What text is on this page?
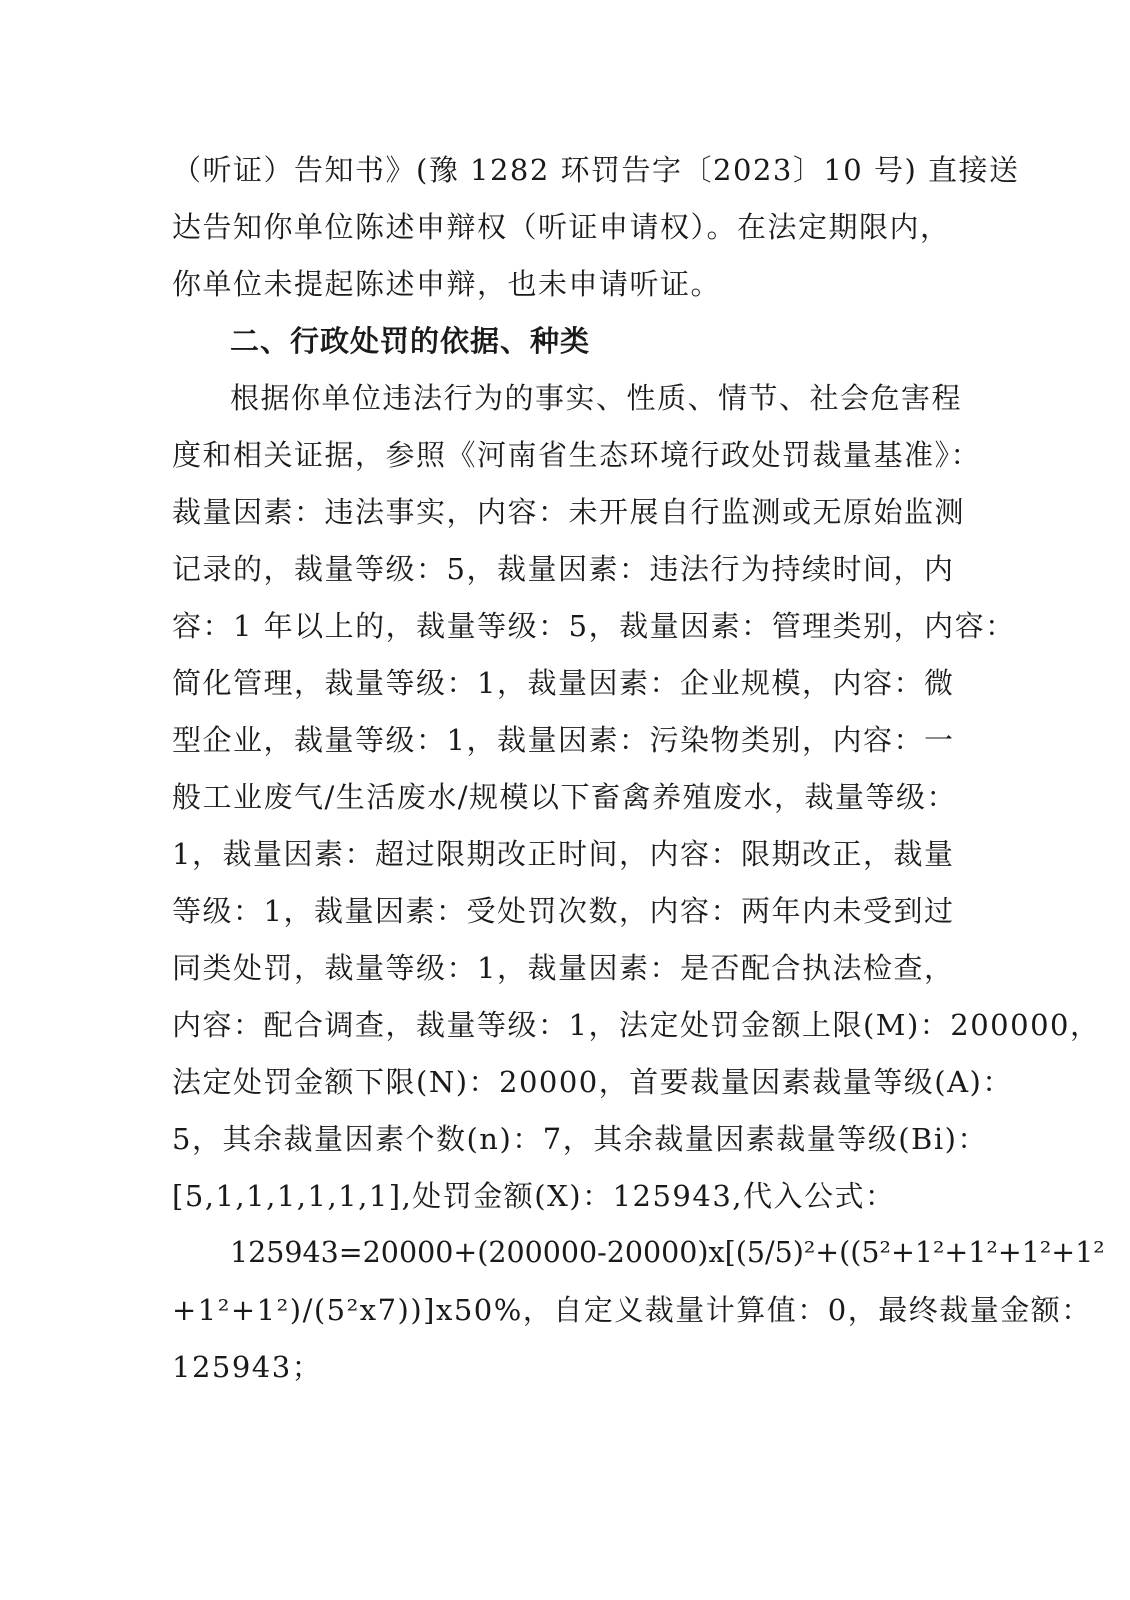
（听证）告知书》(豫 1282 环罚告字〔2023〕10 号) 直接送
达告知你单位陈述申辩权（听证申请权）。在法定期限内，
你单位未提起陈述申辩，也未申请听证。
二、行政处罚的依据、种类
根据你单位违法行为的事实、性质、情节、社会危害程
度和相关证据，参照《河南省生态环境行政处罚裁量基准》：
裁量因素：违法事实，内容：未开展自行监测或无原始监测
记录的，裁量等级：5，裁量因素：违法行为持续时间，内
容：1 年以上的，裁量等级：5，裁量因素：管理类别，内容：
简化管理，裁量等级：1，裁量因素：企业规模，内容：微
型企业，裁量等级：1，裁量因素：污染物类别，内容：一
般工业废气/生活废水/规模以下畜禽养殖废水，裁量等级：
1，裁量因素：超过限期改正时间，内容：限期改正，裁量
等级：1，裁量因素：受处罚次数，内容：两年内未受到过
同类处罚，裁量等级：1，裁量因素：是否配合执法检查，
内容：配合调查，裁量等级：1，法定处罚金额上限(M)：200000，
法定处罚金额下限(N)：20000，首要裁量因素裁量等级(A)：
5，其余裁量因素个数(n)：7，其余裁量因素裁量等级(Bi)：
[5,1,1,1,1,1,1],处罚金额(X)：125943,代入公式：
125943=20000+(200000-20000)x[(5/5)²+((5²+1²+1²+1²+1²
+1²+1²)/(5²x7))]x50%，自定义裁量计算值：0，最终裁量金额：
125943；
